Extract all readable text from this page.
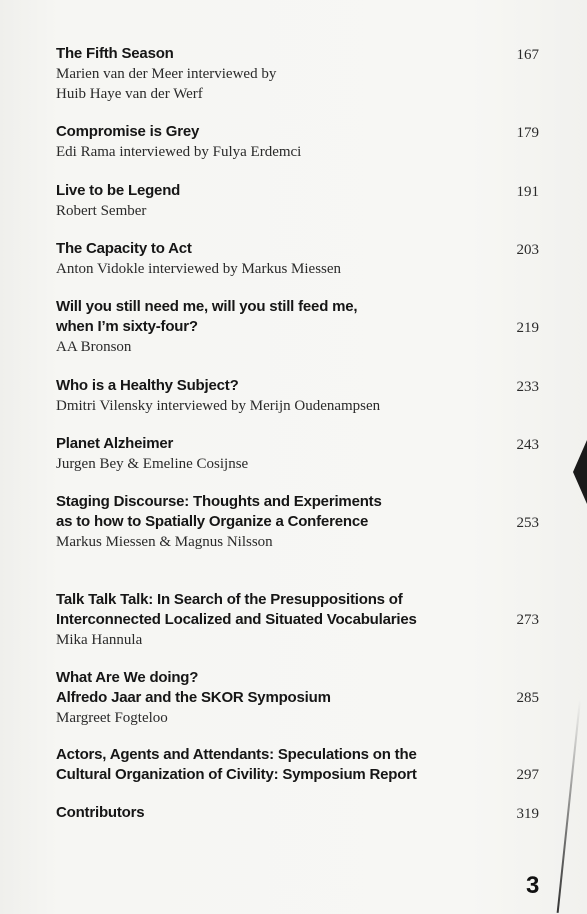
The Fifth Season
Marien van der Meer interviewed by
Huib Haye van der Werf
167
Compromise is Grey
Edi Rama interviewed by Fulya Erdemci
179
Live to be Legend
Robert Sember
191
The Capacity to Act
Anton Vidokle interviewed by Markus Miessen
203
Will you still need me, will you still feed me,
when I’m sixty-four?
AA Bronson
219
Who is a Healthy Subject?
Dmitri Vilensky interviewed by Merijn Oudenampsen
233
Planet Alzheimer
Jurgen Bey & Emeline Cosijnse
243
Staging Discourse: Thoughts and Experiments
as to how to Spatially Organize a Conference
Markus Miessen & Magnus Nilsson
253
Talk Talk Talk: In Search of the Presuppositions of
Interconnected Localized and Situated Vocabularies
Mika Hannula
273
What Are We doing?
Alfredo Jaar and the SKOR Symposium
Margreet Fogteloo
285
Actors, Agents and Attendants: Speculations on the
Cultural Organization of Civility: Symposium Report	297
Contributors	319
3
